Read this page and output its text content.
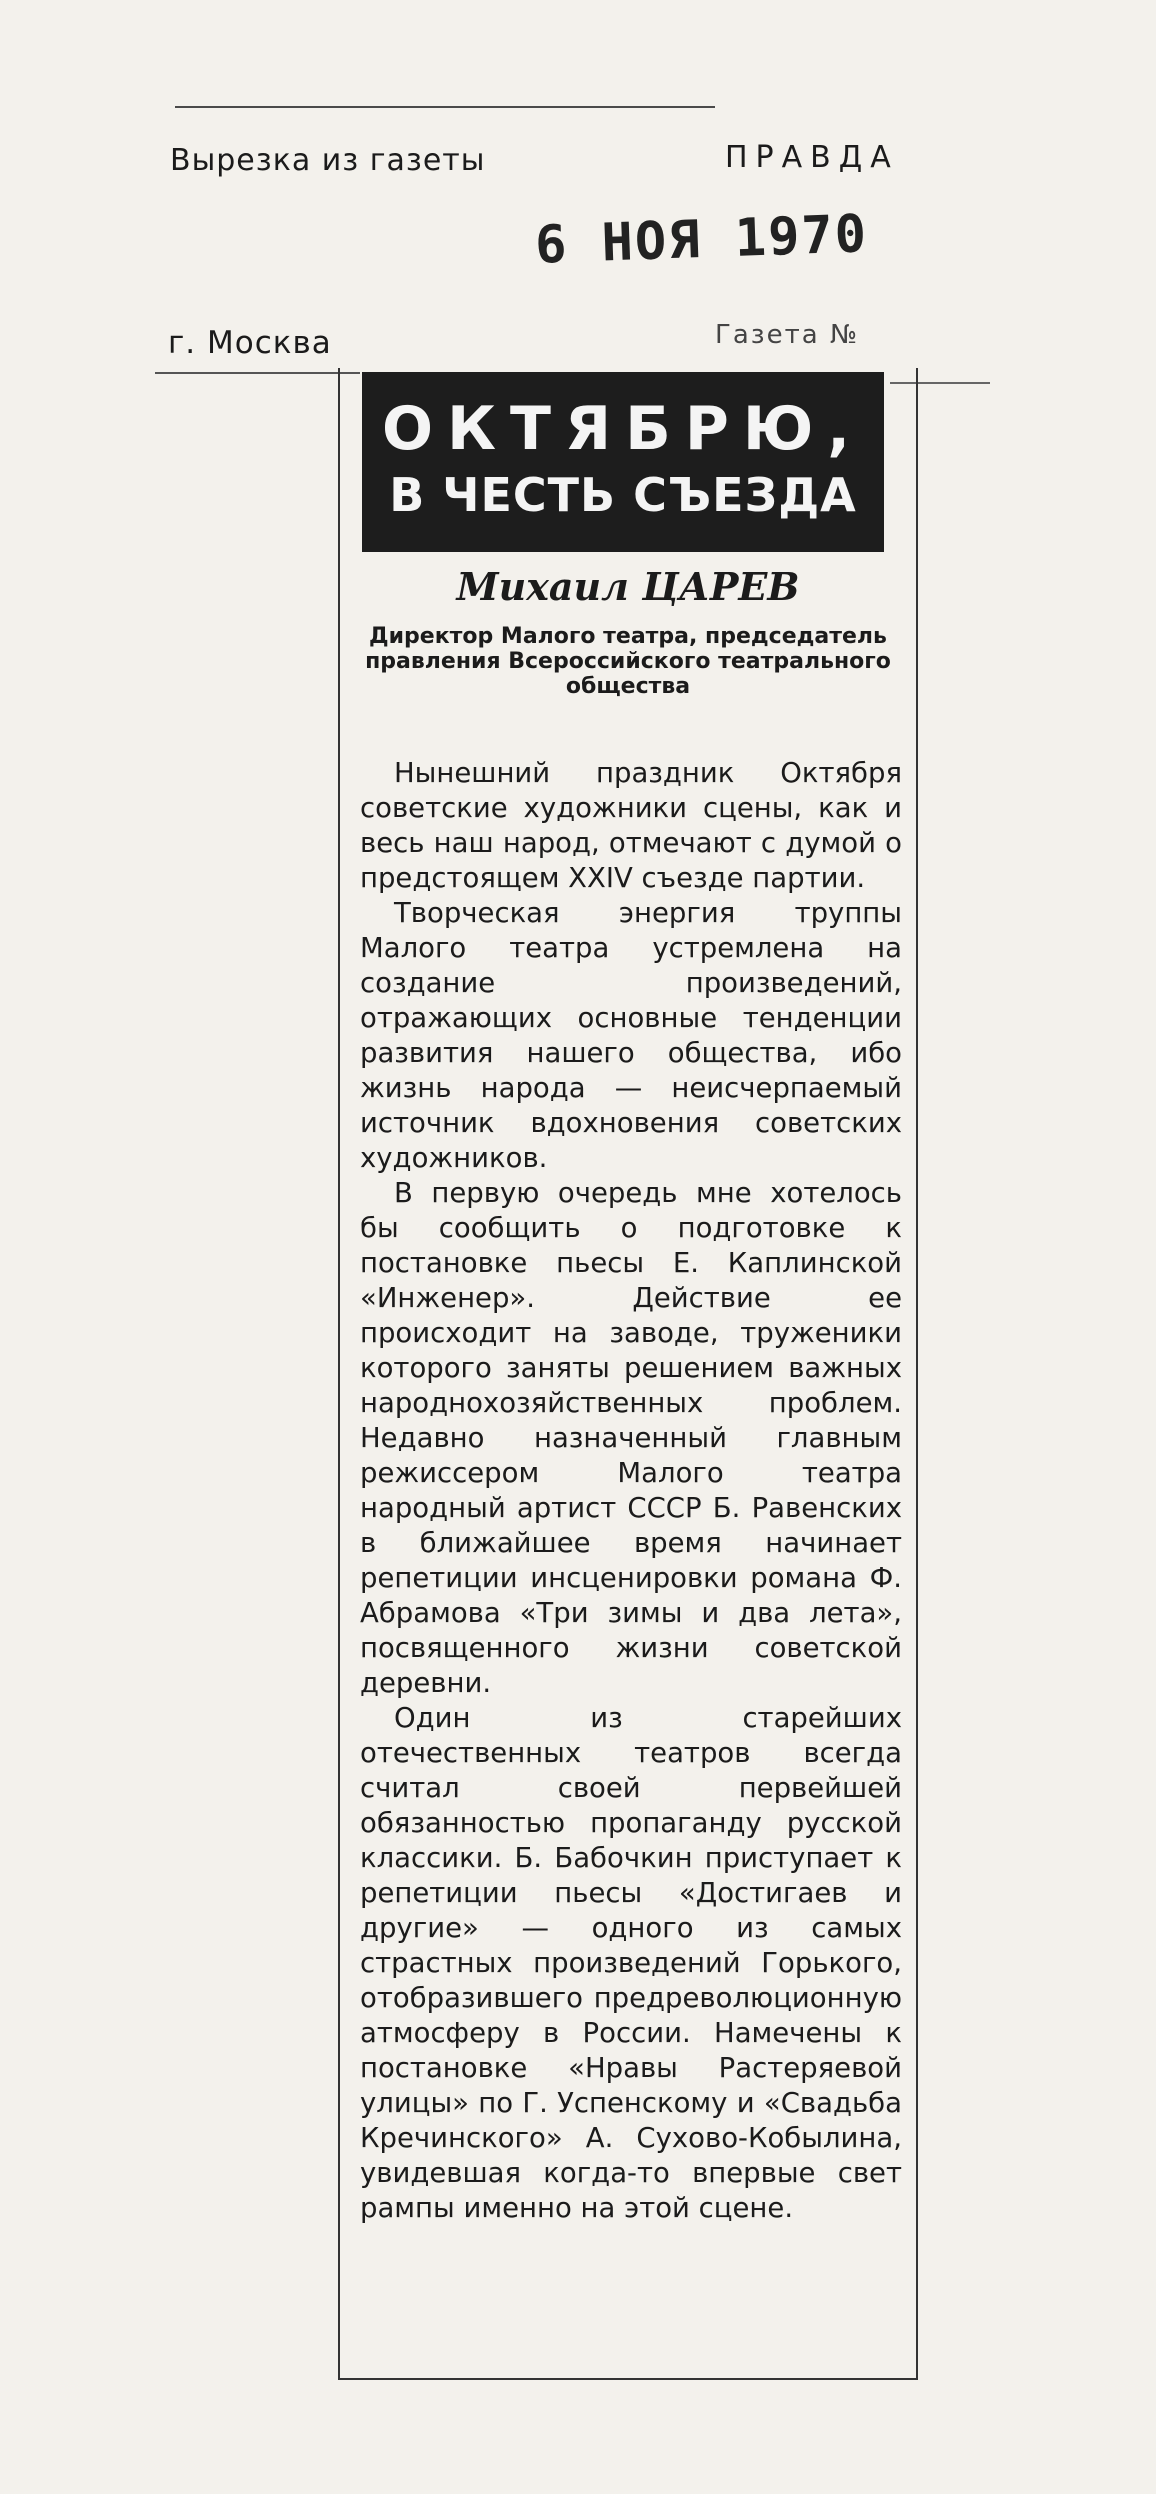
Вырезка из газеты	ПРАВДА
6 НОЯ 1970
г. Москва	Газета №
ОКТЯБРЮ,
В ЧЕСТЬ СЪЕЗДА
Михаил ЦАРЕВ
Директор Малого театра, председатель правления Всероссийского театрального общества

Нынешний праздник Октября советские художники сцены, как и весь наш народ, отмечают с думой о предстоящем XXIV съезде партии.

Творческая энергия труппы Малого театра устремлена на создание произведений, отражающих основные тенденции развития нашего общества, ибо жизнь народа — неисчерпаемый источник вдохновения советских художников.

В первую очередь мне хотелось бы сообщить о подготовке к постановке пьесы Е. Каплинской «Инженер». Действие ее происходит на заводе, труженики которого заняты решением важных народнохозяйственных проблем. Недавно назначенный главным режиссером Малого театра народный артист СССР Б. Равенских в ближайшее время начинает репетиции инсценировки романа Ф. Абрамова «Три зимы и два лета», посвященного жизни советской деревни.

Один из старейших отечественных театров всегда считал своей первейшей обязанностью пропаганду русской классики. Б. Бабочкин приступает к репетиции пьесы «Достигаев и другие» — одного из самых страстных произведений Горького, отобразившего предреволюционную атмосферу в России. Намечены к постановке «Нравы Растеряевой улицы» по Г. Успенскому и «Свадьба Кречинского» А. Сухово-Кобылина, увидевшая когда-то впервые свет рампы именно на этой сцене.
